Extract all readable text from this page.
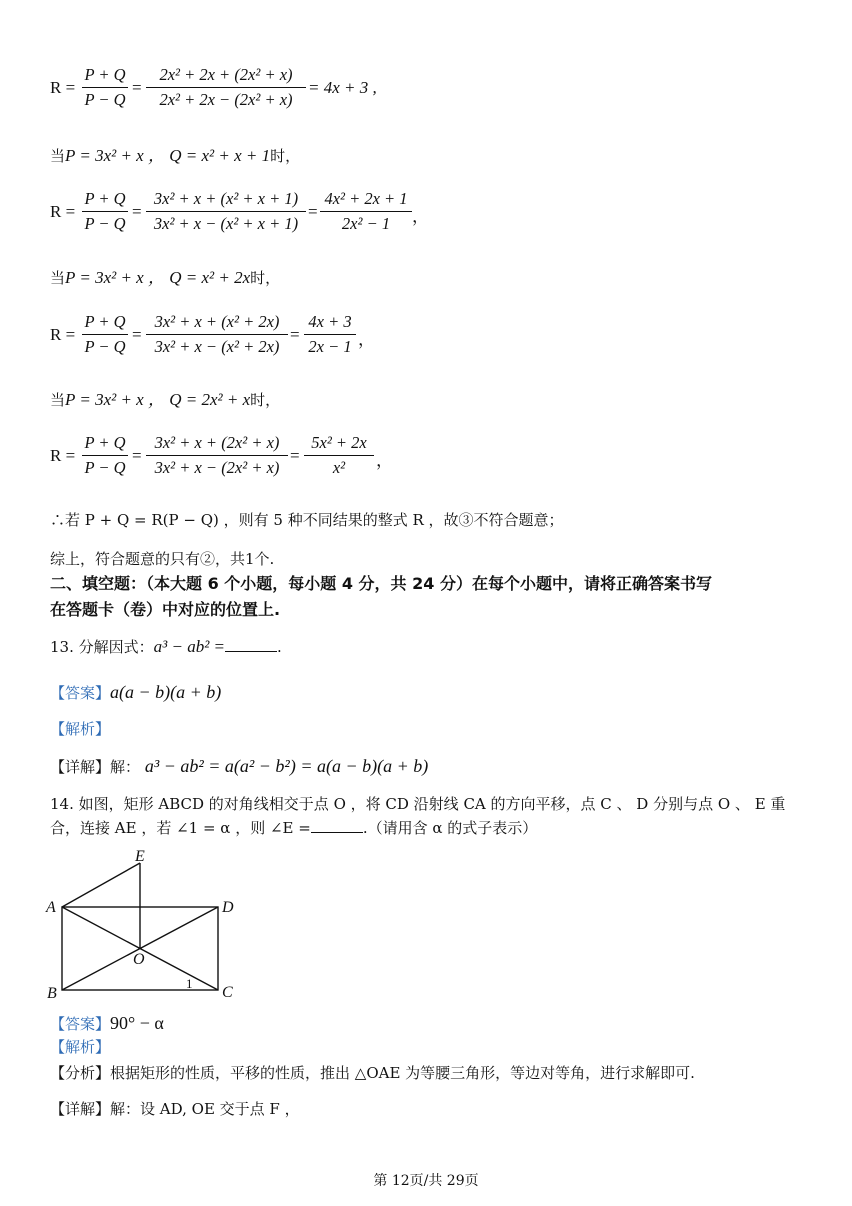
R =
P + Q
P − Q
=
2x² + 2x + (2x² + x)
2x² + 2x − (2x² + x)
= 4x + 3 ,
当P = 3x² + x ， Q = x² + x + 1时，
R =
P + Q
P − Q
=
3x² + x + (x² + x + 1)
3x² + x − (x² + x + 1)
=
4x² + 2x + 1
2x² − 1	，
当P = 3x² + x ， Q = x² + 2x时，
R =
P + Q
P − Q
=
3x² + x + (x² + 2x)
3x² + x − (x² + 2x)
=
4x + 3
2x − 1 ，
当P = 3x² + x ， Q = 2x² + x时，
R =
P + Q
P − Q
=
3x² + x + (2x² + x)
3x² + x − (2x² + x)
=
5x² + 2x
x²	，
∴若 P + Q = R(P − Q) ，则有 5 种不同结果的整式 R ，故③不符合题意；
综上，符合题意的只有②，共1个.
二、填空题：（本大题 6 个小题，每小题 4 分，共 24 分）在每个小题中，请将正确答案书写
在答题卡（卷）中对应的位置上.
13. 分解因式：a³ − ab² =	.
【答案】a(a − b)(a + b)
【解析】
【详解】解： a³ − ab² = a(a² − b²) = a(a − b)(a + b)
14. 如图，矩形 ABCD 的对角线相交于点 O ，将 CD 沿射线 CA 的方向平移，点 C 、 D 分别与点 O 、 E 重
合，连接 AE ，若 ∠1 = α ，则 ∠E =	.（请用含 α 的式子表示）
E
A	D
O
B	C
1
【答案】90° − α
【解析】
【分析】根据矩形的性质，平移的性质，推出 △OAE 为等腰三角形，等边对等角，进行求解即可.
【详解】解：设 AD, OE 交于点 F ，
第 12页/共 29页
